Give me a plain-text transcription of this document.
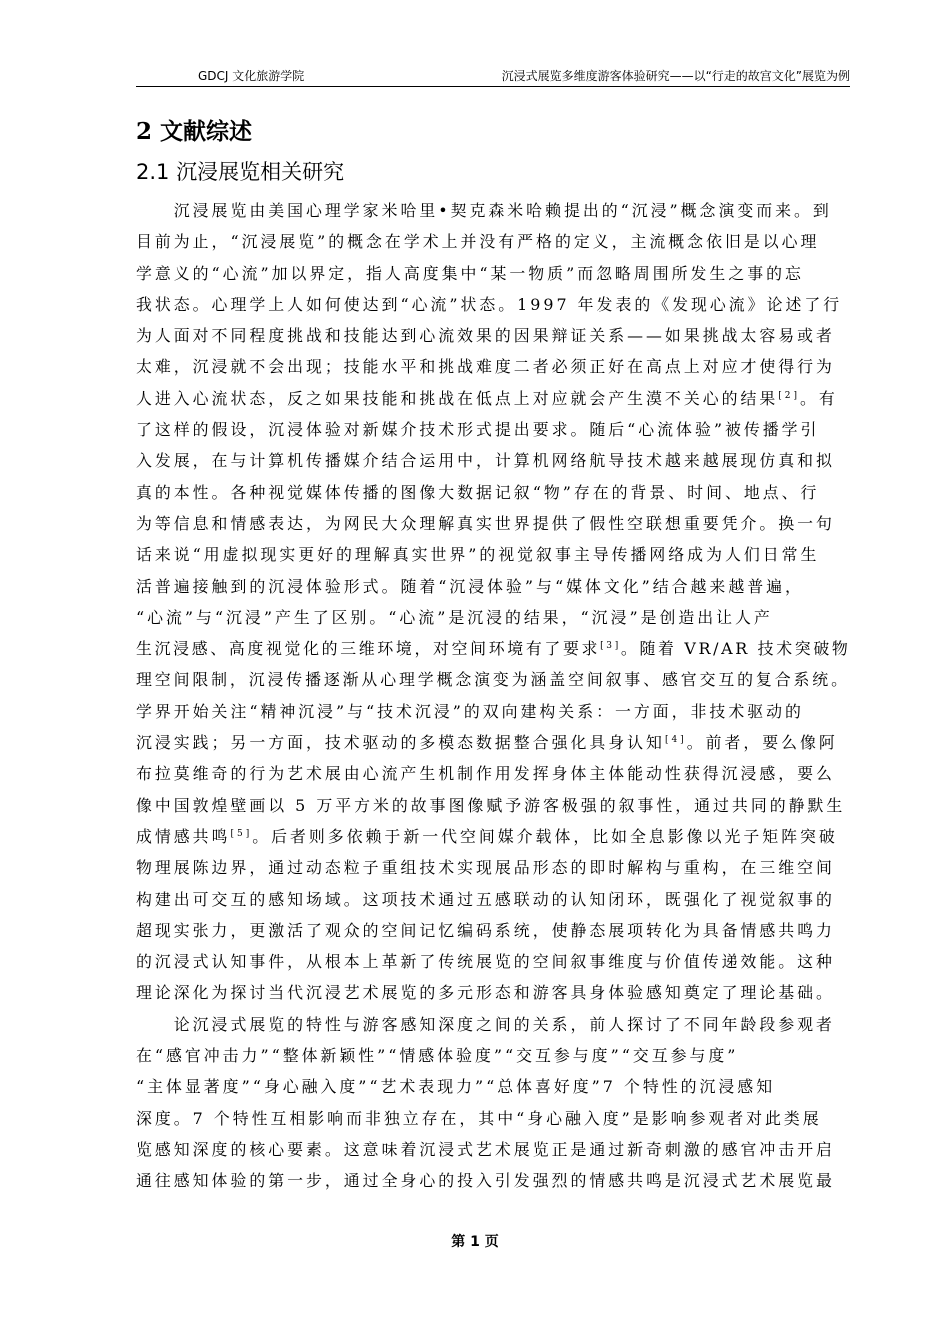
GDCJ 文化旅游学院	沉浸式展览多维度游客体验研究——以“行走的故宫文化”展览为例
2 文献综述
2.1 沉浸展览相关研究
　　沉浸展览由美国心理学家米哈里•契克森米哈赖提出的“沉浸”概念演变而来。到
目前为止，“沉浸展览”的概念在学术上并没有严格的定义，主流概念依旧是以心理
学意义的“心流”加以界定，指人高度集中“某一物质”而忽略周围所发生之事的忘
我状态。心理学上人如何使达到“心流”状态。1997 年发表的《发现心流》论述了行
为人面对不同程度挑战和技能达到心流效果的因果辩证关系——如果挑战太容易或者
太难，沉浸就不会出现；技能水平和挑战难度二者必须正好在高点上对应才使得行为
人进入心流状态，反之如果技能和挑战在低点上对应就会产生漠不关心的结果[2]。有
了这样的假设，沉浸体验对新媒介技术形式提出要求。随后“心流体验”被传播学引
入发展，在与计算机传播媒介结合运用中，计算机网络航导技术越来越展现仿真和拟
真的本性。各种视觉媒体传播的图像大数据记叙“物”存在的背景、时间、地点、行
为等信息和情感表达，为网民大众理解真实世界提供了假性空联想重要凭介。换一句
话来说“用虚拟现实更好的理解真实世界”的视觉叙事主导传播网络成为人们日常生
活普遍接触到的沉浸体验形式。随着“沉浸体验”与“媒体文化”结合越来越普遍，
“心流”与“沉浸”产生了区别。“心流”是沉浸的结果，“沉浸”是创造出让人产
生沉浸感、高度视觉化的三维环境，对空间环境有了要求[3]。随着 VR/AR 技术突破物
理空间限制，沉浸传播逐渐从心理学概念演变为涵盖空间叙事、感官交互的复合系统。
学界开始关注“精神沉浸”与“技术沉浸”的双向建构关系：一方面，非技术驱动的
沉浸实践；另一方面，技术驱动的多模态数据整合强化具身认知[4]。前者，要么像阿
布拉莫维奇的行为艺术展由心流产生机制作用发挥身体主体能动性获得沉浸感，要么
像中国敦煌壁画以 5 万平方米的故事图像赋予游客极强的叙事性，通过共同的静默生
成情感共鸣[5]。后者则多依赖于新一代空间媒介载体，比如全息影像以光子矩阵突破
物理展陈边界，通过动态粒子重组技术实现展品形态的即时解构与重构，在三维空间
构建出可交互的感知场域。这项技术通过五感联动的认知闭环，既强化了视觉叙事的
超现实张力，更激活了观众的空间记忆编码系统，使静态展项转化为具备情感共鸣力
的沉浸式认知事件，从根本上革新了传统展览的空间叙事维度与价值传递效能。这种
理论深化为探讨当代沉浸艺术展览的多元形态和游客具身体验感知奠定了理论基础。
　　论沉浸式展览的特性与游客感知深度之间的关系，前人探讨了不同年龄段参观者
在“感官冲击力”“整体新颖性”“情感体验度”“交互参与度”“交互参与度”
“主体显著度”“身心融入度”“艺术表现力”“总体喜好度”7 个特性的沉浸感知
深度。7 个特性互相影响而非独立存在，其中“身心融入度”是影响参观者对此类展
览感知深度的核心要素。这意味着沉浸式艺术展览正是通过新奇刺激的感官冲击开启
通往感知体验的第一步，通过全身心的投入引发强烈的情感共鸣是沉浸式艺术展览最
第 1 页
